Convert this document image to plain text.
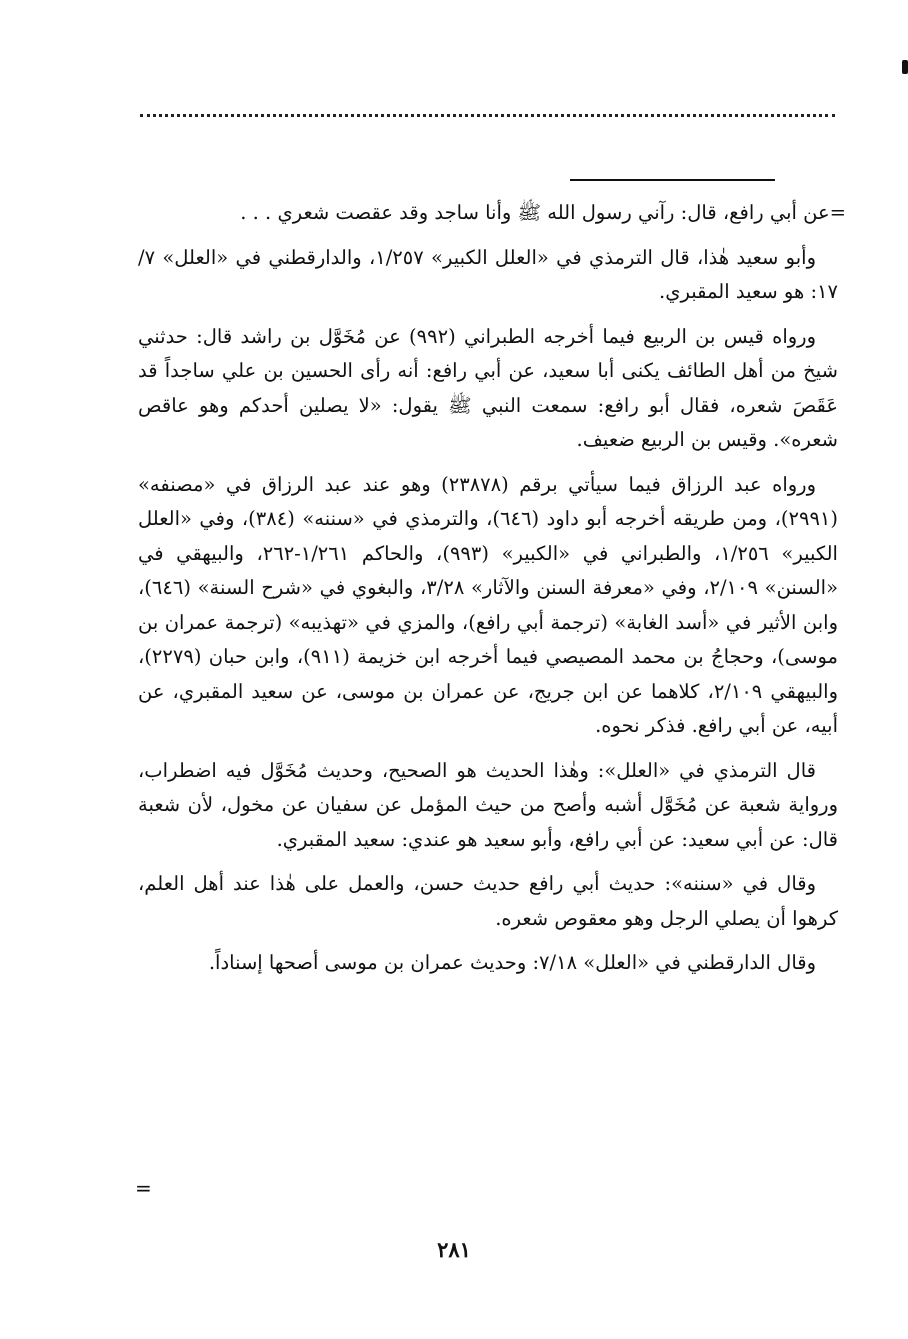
=عن أبي رافع، قال: رآني رسول الله ﷺ وأنا ساجد وقد عقصت شعري . . .

وأبو سعيد هٰذا، قال الترمذي في «العلل الكبير» ١/٢٥٧، والدارقطني في «العلل» ٧/ ١٧: هو سعيد المقبري.

ورواه قيس بن الربيع فيما أخرجه الطبراني (٩٩٢) عن مُخَوَّل بن راشد قال: حدثني شيخ من أهل الطائف يكنى أبا سعيد، عن أبي رافع: أنه رأى الحسين بن علي ساجداً قد عَقَصَ شعره، فقال أبو رافع: سمعت النبي ﷺ يقول: «لا يصلين أحدكم وهو عاقص شعره». وقيس بن الربيع ضعيف.

ورواه عبد الرزاق فيما سيأتي برقم (٢٣٨٧٨) وهو عند عبد الرزاق في «مصنفه» (٢٩٩١)، ومن طريقه أخرجه أبو داود (٦٤٦)، والترمذي في «سننه» (٣٨٤)، وفي «العلل الكبير» ١/٢٥٦، والطبراني في «الكبير» (٩٩٣)، والحاكم ١/٢٦١-٢٦٢، والبيهقي في «السنن» ٢/١٠٩، وفي «معرفة السنن والآثار» ٣/٢٨، والبغوي في «شرح السنة» (٦٤٦)، وابن الأثير في «أسد الغابة» (ترجمة أبي رافع)، والمزي في «تهذيبه» (ترجمة عمران بن موسى)، وحجاجُ بن محمد المصيصي فيما أخرجه ابن خزيمة (٩١١)، وابن حبان (٢٢٧٩)، والبيهقي ٢/١٠٩، كلاهما عن ابن جريج، عن عمران بن موسى، عن سعيد المقبري، عن أبيه، عن أبي رافع. فذكر نحوه.

قال الترمذي في «العلل»: وهٰذا الحديث هو الصحيح، وحديث مُخَوَّل فيه اضطراب، ورواية شعبة عن مُخَوَّل أشبه وأصح من حيث المؤمل عن سفيان عن مخول، لأن شعبة قال: عن أبي سعيد: عن أبي رافع، وأبو سعيد هو عندي: سعيد المقبري.

وقال في «سننه»: حديث أبي رافع حديث حسن، والعمل على هٰذا عند أهل العلم، كرهوا أن يصلي الرجل وهو معقوص شعره.

وقال الدارقطني في «العلل» ٧/١٨: وحديث عمران بن موسى أصحها إسناداً.

=
٢٨١
